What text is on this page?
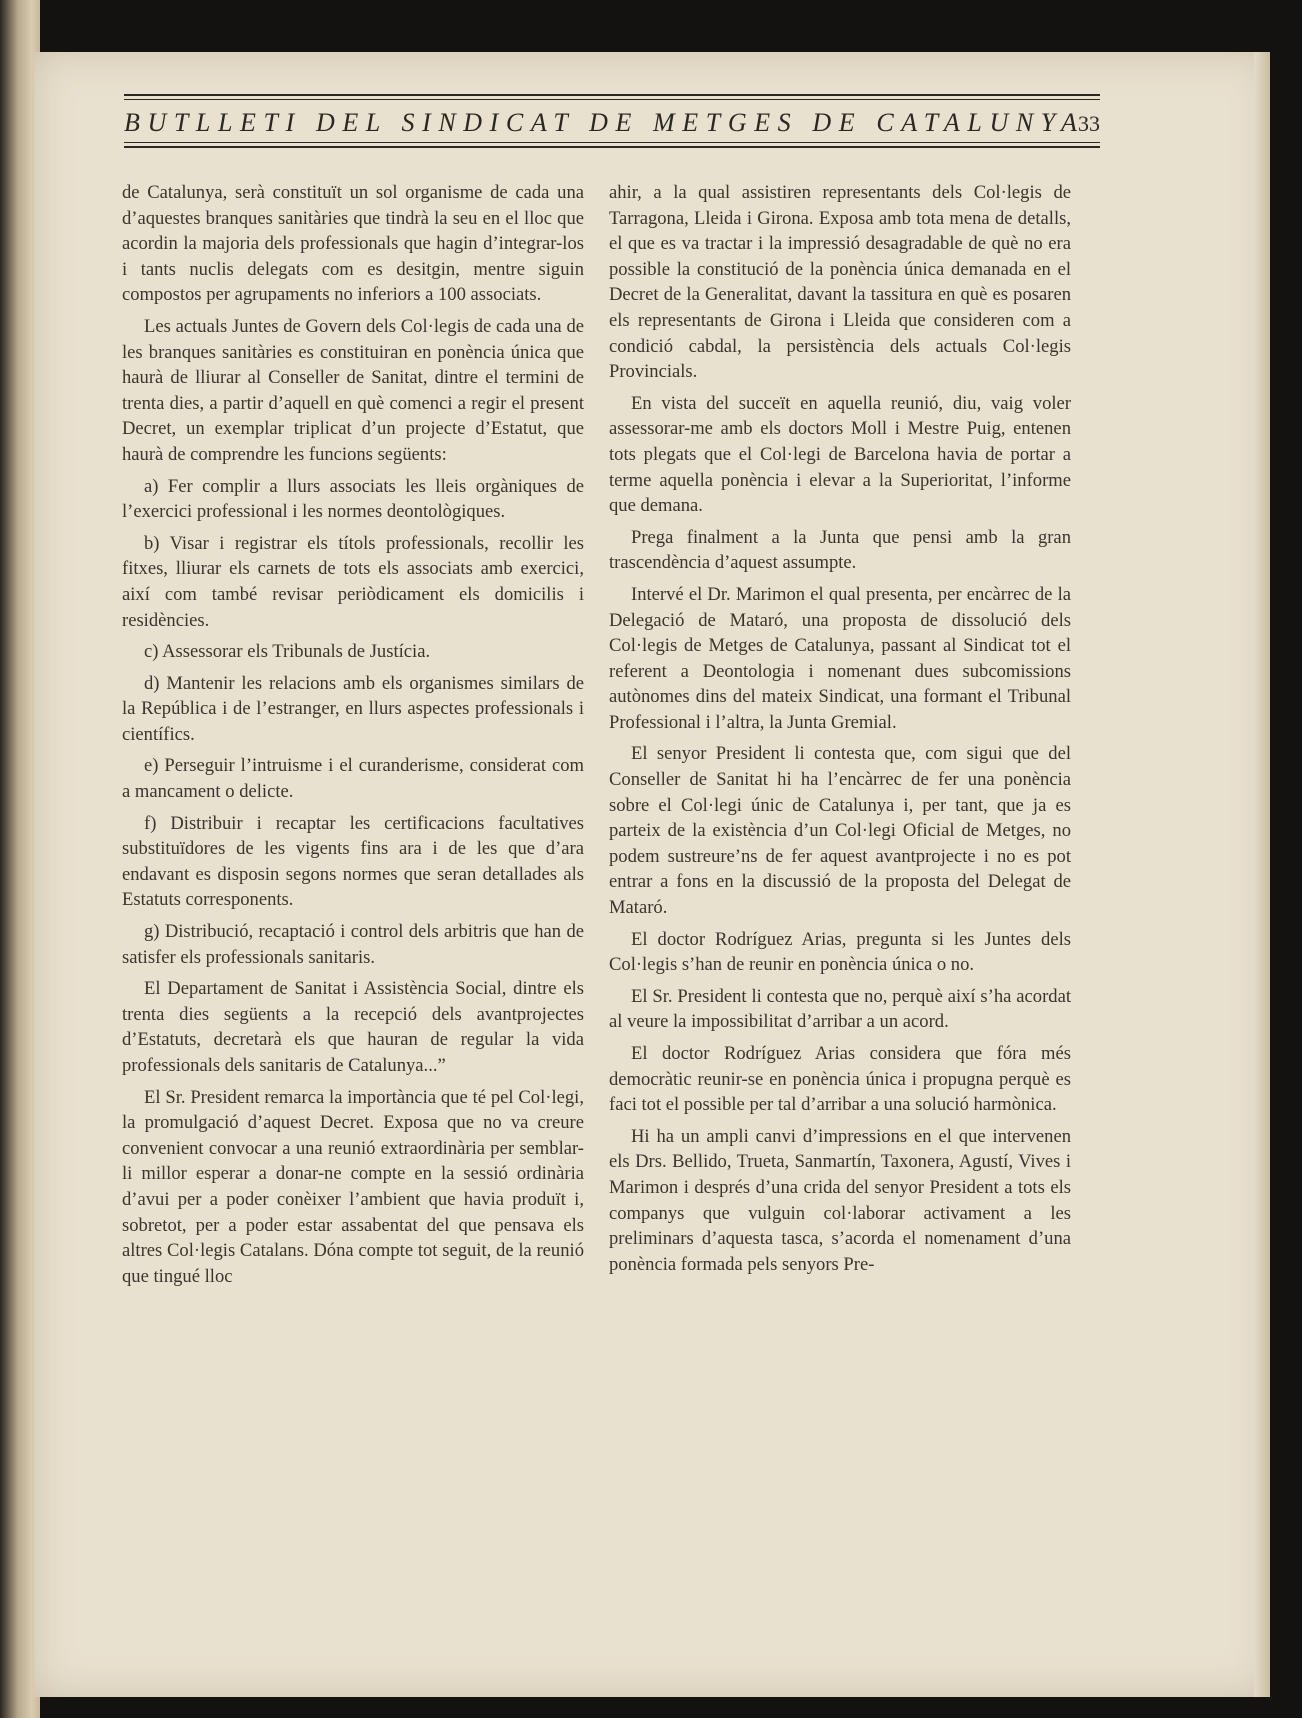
BUTLLETI DEL SINDICAT DE METGES DE CATALUNYA
33

de Catalunya, serà constituït un sol organisme de cada una d’aquestes branques sanitàries que tindrà la seu en el lloc que acordin la majoria dels professionals que hagin d’integrar-los i tants nuclis delegats com es desitgin, mentre siguin compostos per agrupaments no inferiors a 100 associats.

Les actuals Juntes de Govern dels Col·legis de cada una de les branques sanitàries es constituiran en ponència única que haurà de lliurar al Conseller de Sanitat, dintre el termini de trenta dies, a partir d’aquell en què comenci a regir el present Decret, un exemplar triplicat d’un projecte d’Estatut, que haurà de comprendre les funcions següents:

a) Fer complir a llurs associats les lleis orgàniques de l’exercici professional i les normes deontològiques.

b) Visar i registrar els títols professionals, recollir les fitxes, lliurar els carnets de tots els associats amb exercici, així com també revisar periòdicament els domicilis i residències.

c) Assessorar els Tribunals de Justícia.

d) Mantenir les relacions amb els organismes similars de la República i de l’estranger, en llurs aspectes professionals i científics.

e) Perseguir l’intruisme i el curanderisme, considerat com a mancament o delicte.

f) Distribuir i recaptar les certificacions facultatives substituïdores de les vigents fins ara i de les que d’ara endavant es disposin segons normes que seran detallades als Estatuts corresponents.

g) Distribució, recaptació i control dels arbitris que han de satisfer els professionals sanitaris.

El Departament de Sanitat i Assistència Social, dintre els trenta dies següents a la recepció dels avantprojectes d’Estatuts, decretarà els que hauran de regular la vida professionals dels sanitaris de Catalunya...”

El Sr. President remarca la importància que té pel Col·legi, la promulgació d’aquest Decret. Exposa que no va creure convenient convocar a una reunió extraordinària per semblar-li millor esperar a donar-ne compte en la sessió ordinària d’avui per a poder conèixer l’ambient que havia produït i, sobretot, per a poder estar assabentat del que pensava els altres Col·legis Catalans. Dóna compte tot seguit, de la reunió que tingué lloc

ahir, a la qual assistiren representants dels Col·legis de Tarragona, Lleida i Girona. Exposa amb tota mena de detalls, el que es va tractar i la impressió desagradable de què no era possible la constitució de la ponència única demanada en el Decret de la Generalitat, davant la tassitura en què es posaren els representants de Girona i Lleida que consideren com a condició cabdal, la persistència dels actuals Col·legis Provincials.

En vista del succeït en aquella reunió, diu, vaig voler assessorar-me amb els doctors Moll i Mestre Puig, entenen tots plegats que el Col·legi de Barcelona havia de portar a terme aquella ponència i elevar a la Superioritat, l’informe que demana.

Prega finalment a la Junta que pensi amb la gran trascendència d’aquest assumpte.

Intervé el Dr. Marimon el qual presenta, per encàrrec de la Delegació de Mataró, una proposta de dissolució dels Col·legis de Metges de Catalunya, passant al Sindicat tot el referent a Deontologia i nomenant dues subcomissions autònomes dins del mateix Sindicat, una formant el Tribunal Professional i l’altra, la Junta Gremial.

El senyor President li contesta que, com sigui que del Conseller de Sanitat hi ha l’encàrrec de fer una ponència sobre el Col·legi únic de Catalunya i, per tant, que ja es parteix de la existència d’un Col·legi Oficial de Metges, no podem sustreure’ns de fer aquest avantprojecte i no es pot entrar a fons en la discussió de la proposta del Delegat de Mataró.

El doctor Rodríguez Arias, pregunta si les Juntes dels Col·legis s’han de reunir en ponència única o no.

El Sr. President li contesta que no, perquè així s’ha acordat al veure la impossibilitat d’arribar a un acord.

El doctor Rodríguez Arias considera que fóra més democràtic reunir-se en ponència única i propugna perquè es faci tot el possible per tal d’arribar a una solució harmònica.

Hi ha un ampli canvi d’impressions en el que intervenen els Drs. Bellido, Trueta, Sanmartín, Taxonera, Agustí, Vives i Marimon i després d’una crida del senyor President a tots els companys que vulguin col·laborar activament a les preliminars d’aquesta tasca, s’acorda el nomenament d’una ponència formada pels senyors Pre-
